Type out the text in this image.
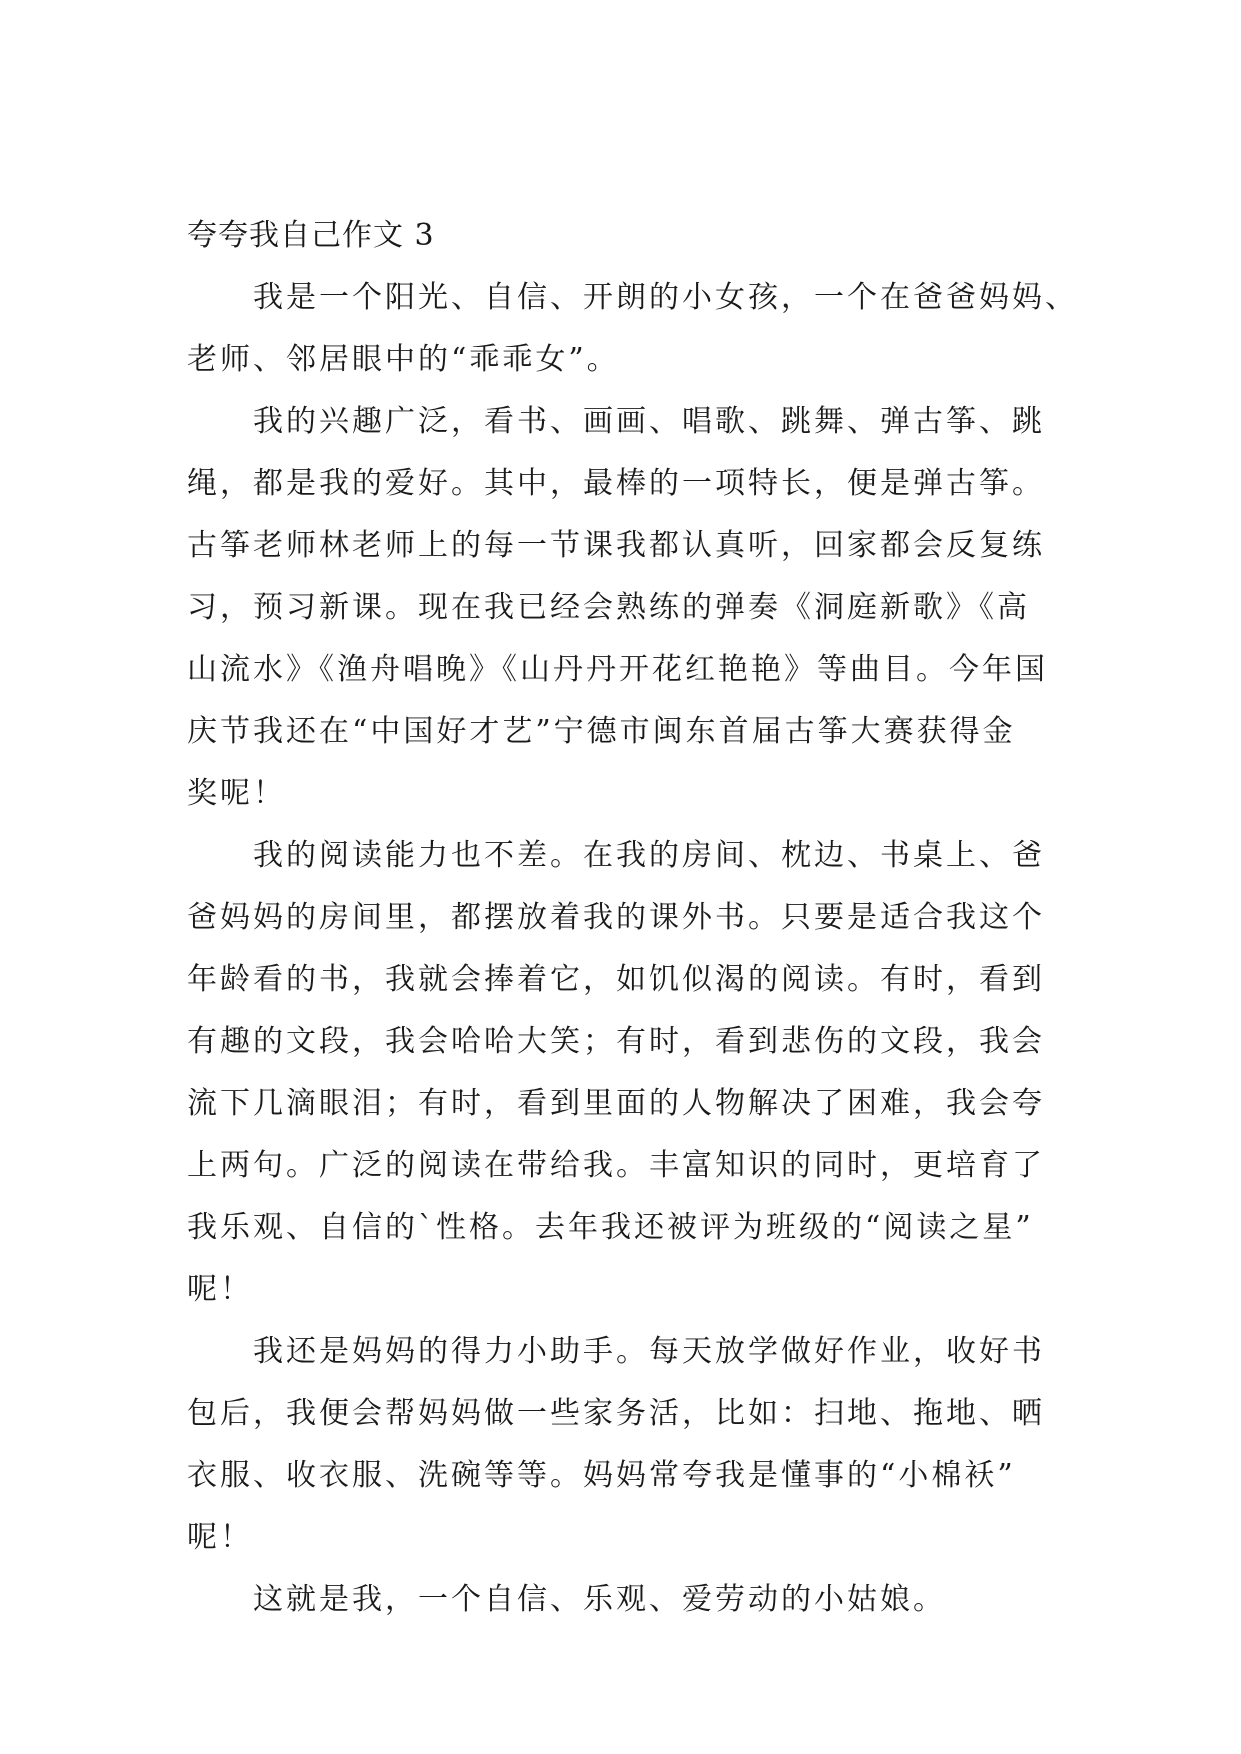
夸夸我自己作文 3

我是一个阳光、自信、开朗的小女孩，一个在爸爸妈妈、
老师、邻居眼中的“乖乖女”。

我的兴趣广泛，看书、画画、唱歌、跳舞、弹古筝、跳
绳，都是我的爱好。其中，最棒的一项特长，便是弹古筝。
古筝老师林老师上的每一节课我都认真听，回家都会反复练
习，预习新课。现在我已经会熟练的弹奏《洞庭新歌》《高
山流水》《渔舟唱晚》《山丹丹开花红艳艳》等曲目。今年国
庆节我还在“中国好才艺”宁德市闽东首届古筝大赛获得金
奖呢！

我的阅读能力也不差。在我的房间、枕边、书桌上、爸
爸妈妈的房间里，都摆放着我的课外书。只要是适合我这个
年龄看的书，我就会捧着它，如饥似渴的阅读。有时，看到
有趣的文段，我会哈哈大笑；有时，看到悲伤的文段，我会
流下几滴眼泪；有时，看到里面的人物解决了困难，我会夸
上两句。广泛的阅读在带给我。丰富知识的同时，更培育了
我乐观、自信的`性格。去年我还被评为班级的“阅读之星”
呢！

我还是妈妈的得力小助手。每天放学做好作业，收好书
包后，我便会帮妈妈做一些家务活，比如：扫地、拖地、晒
衣服、收衣服、洗碗等等。妈妈常夸我是懂事的“小棉袄”
呢！

这就是我，一个自信、乐观、爱劳动的小姑娘。
